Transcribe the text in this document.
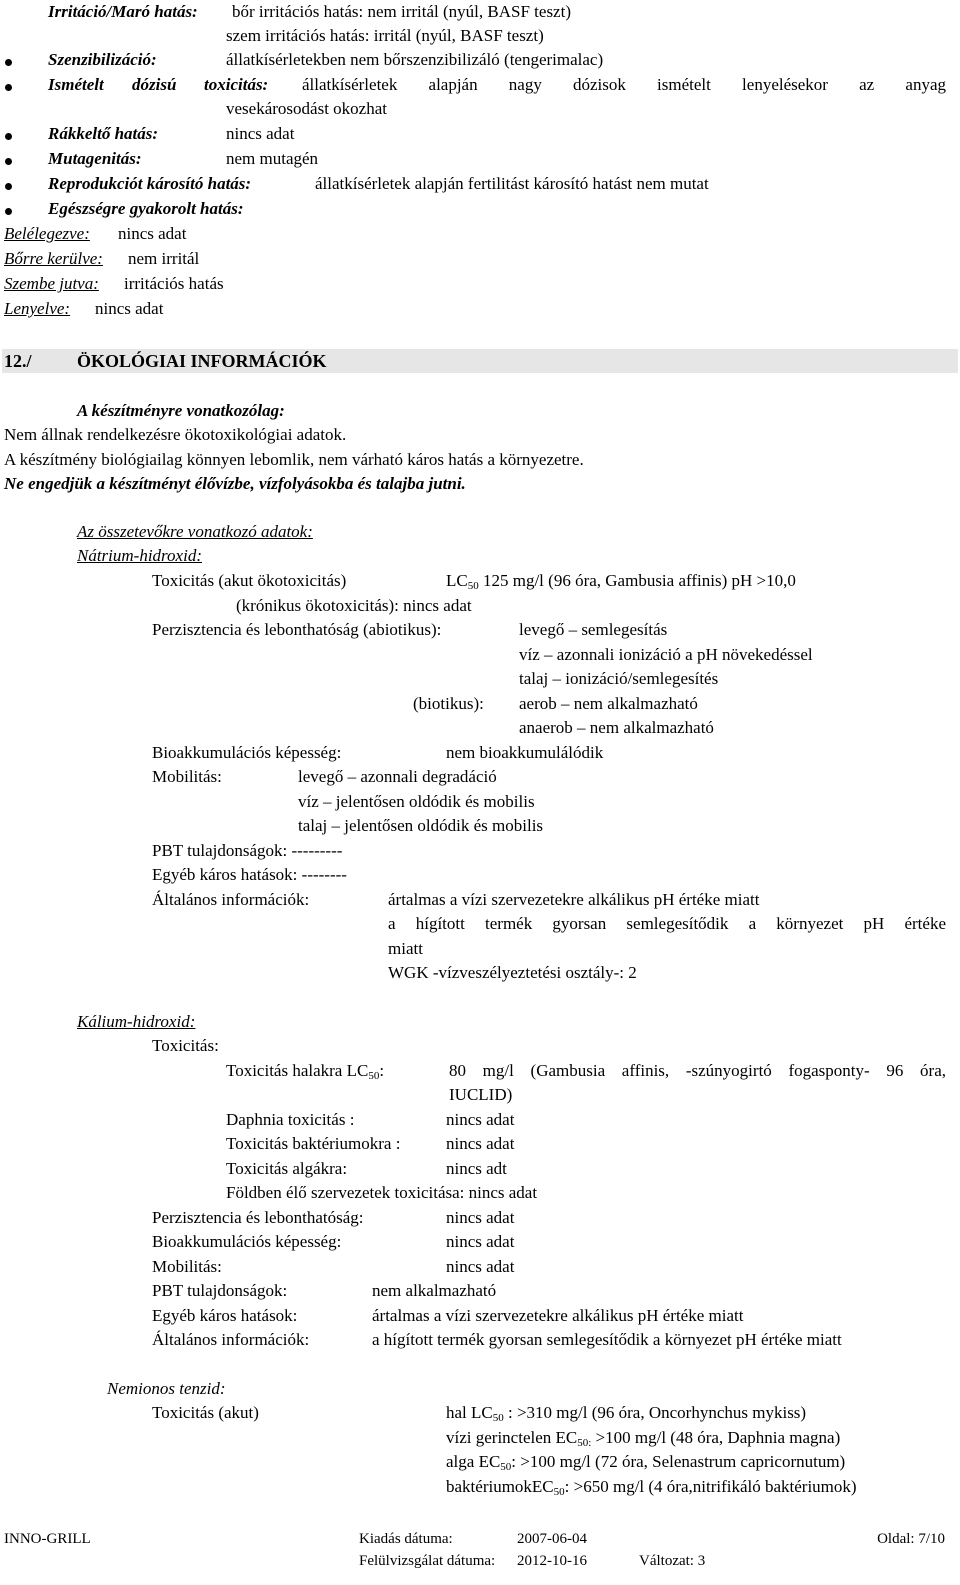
Irritáció/Maró hatás: bőr irritációs hatás: nem irritál (nyúl, BASF teszt)
szem irritációs hatás: irritál (nyúl, BASF teszt)
Szenzibilizáció:	állatkísérletekben nem bőrszenzibilizáló (tengerimalac)
Ismételt dózisú toxicitás: állatkísérletek alapján nagy dózisok ismételt lenyelésekor az anyag
vesekárosodást okozhat
Rákkeltő hatás:	nincs adat
Mutagenitás:	nem mutagén
Reprodukciót károsító hatás:	állatkísérletek alapján fertilitást károsító hatást nem mutat
Egészségre gyakorolt hatás:
Belélegezve: nincs adat
Bőrre kerülve: nem irritál
Szembe jutva: irritációs hatás
Lenyelve: nincs adat
12./	ÖKOLÓGIAI INFORMÁCIÓK
A készítményre vonatkozólag:
Nem állnak rendelkezésre ökotoxikológiai adatok.
A készítmény biológiailag könnyen lebomlik, nem várható káros hatás a környezetre.
Ne engedjük a készítményt élővízbe, vízfolyásokba és talajba jutni.
Az összetevőkre vonatkozó adatok:
Nátrium-hidroxid:
Toxicitás (akut ökotoxicitás)	$LC_{50}$ 125 mg/l (96 óra, Gambusia affinis) pH >10,0
(krónikus ökotoxicitás): nincs adat
Perzisztencia és lebonthatóság (abiotikus):	levegő – semlegesítás
víz – azonnali ionizáció a pH növekedéssel
talaj – ionizáció/semlegesítés
(biotikus): aerob – nem alkalmazható
anaerob – nem alkalmazható
Bioakkumulációs képesség:	nem bioakkumulálódik
Mobilitás:	levegő – azonnali degradáció
víz – jelentősen oldódik és mobilis
talaj – jelentősen oldódik és mobilis
PBT tulajdonságok: ---------
Egyéb káros hatások: --------
Általános információk:	ártalmas a vízi szervezetekre alkálikus pH értéke miatt
a hígított termék gyorsan semlegesítődik a környezet pH értéke
miatt
WGK -vízveszélyeztetési osztály-: 2
Kálium-hidroxid:
Toxicitás:
Toxicitás halakra $LC_{50}$:	80 mg/l (Gambusia affinis, -szúnyogirtó fogasponty- 96 óra,
IUCLID)
Daphnia toxicitás :	nincs adat
Toxicitás baktériumokra :	nincs adat
Toxicitás algákra:	nincs adt
Földben élő szervezetek toxicitása: nincs adat
Perzisztencia és lebonthatóság:	nincs adat
Bioakkumulációs képesség:	nincs adat
Mobilitás:	nincs adat
PBT tulajdonságok:	nem alkalmazható
Egyéb káros hatások:	ártalmas a vízi szervezetekre alkálikus pH értéke miatt
Általános információk:	a hígított termék gyorsan semlegesítődik a környezet pH értéke miatt
Nemionos tenzid:
Toxicitás (akut)	hal $LC_{50}$ : >310 mg/l (96 óra, Oncorhynchus mykiss)
vízi gerinctelen $EC_{50:} >100$ mg/l (48 óra, Daphnia magna)
alga $EC_{50}$: >100 mg/l (72 óra, Selenastrum capricornutum)
baktériumokEC$_{50}$: >650 mg/l (4 óra,nitrifikáló baktériumok)
INNO-GRILL	Kiadás dátuma:	2007-06-04
Felülvizsgálat dátuma: 2012-10-16
Oldal: 7/10
Változat: 3
